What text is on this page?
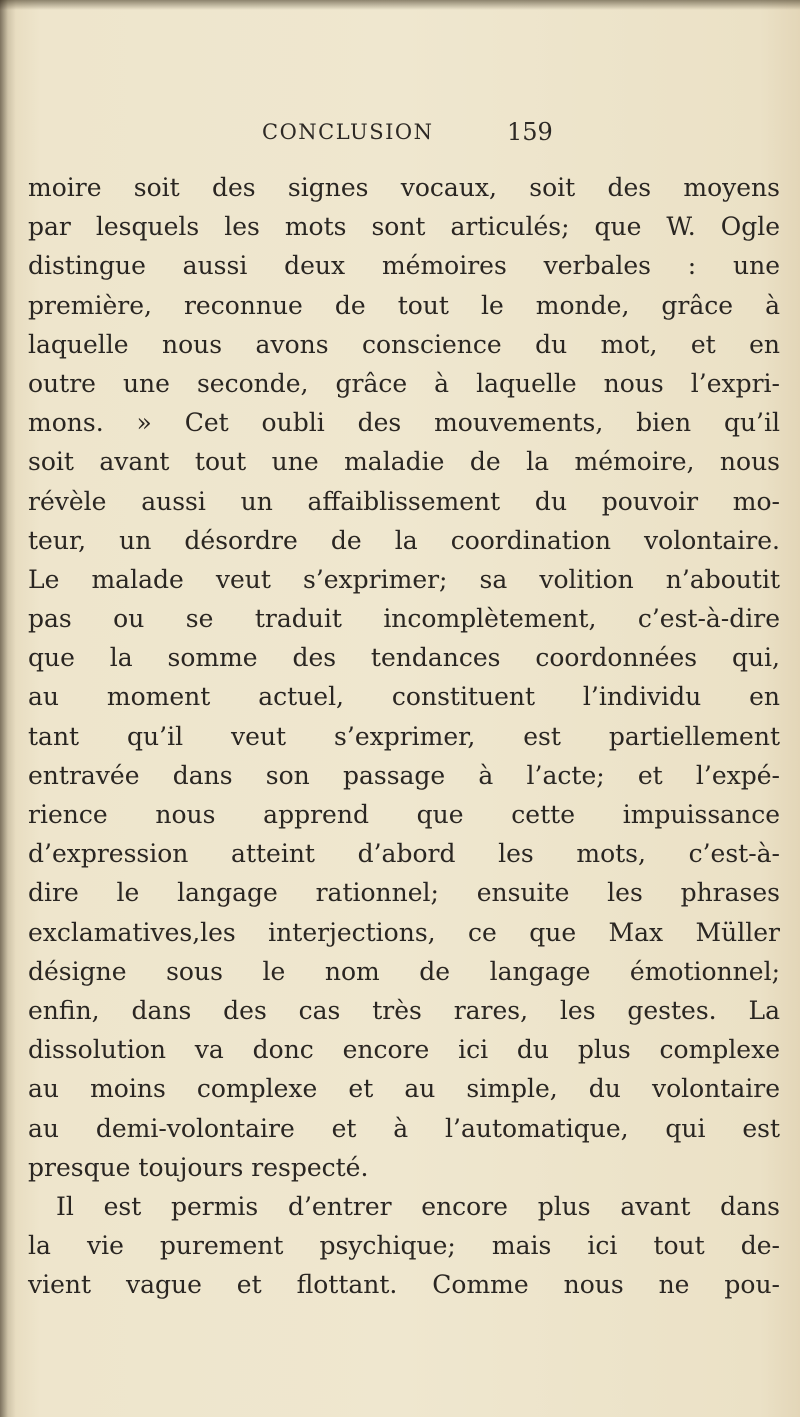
CONCLUSION	159
moire soit des signes vocaux, soit des moyens
par lesquels les mots sont articulés; que W. Ogle
distingue aussi deux mémoires verbales : une
première, reconnue de tout le monde, grâce à
laquelle nous avons conscience du mot, et en
outre une seconde, grâce à laquelle nous l’expri-
mons. » Cet oubli des mouvements, bien qu’il
soit avant tout une maladie de la mémoire, nous
révèle aussi un affaiblissement du pouvoir mo-
teur, un désordre de la coordination volontaire.
Le malade veut s’exprimer; sa volition n’aboutit
pas ou se traduit incomplètement, c’est-à-dire
que la somme des tendances coordonnées qui,
au moment actuel, constituent l’individu en
tant qu’il veut s’exprimer, est partiellement
entravée dans son passage à l’acte; et l’expé-
rience nous apprend que cette impuissance
d’expression atteint d’abord les mots, c’est-à-
dire le langage rationnel; ensuite les phrases
exclamatives,les interjections, ce que Max Müller
désigne sous le nom de langage émotionnel;
enfin, dans des cas très rares, les gestes. La
dissolution va donc encore ici du plus complexe
au moins complexe et au simple, du volontaire
au demi-volontaire et à l’automatique, qui est
presque toujours respecté.
Il est permis d’entrer encore plus avant dans
la vie purement psychique; mais ici tout de-
vient vague et flottant. Comme nous ne pou-
